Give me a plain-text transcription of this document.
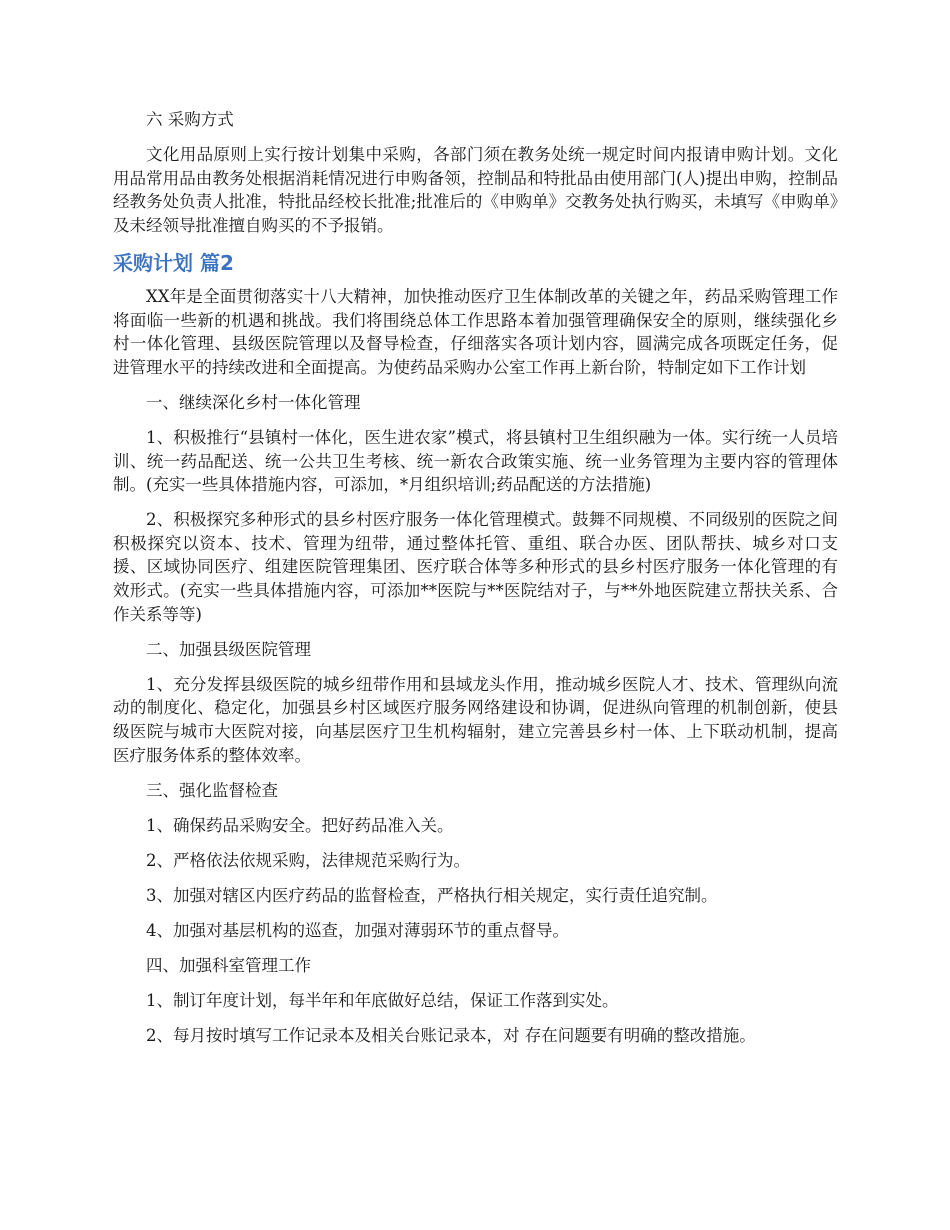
六 采购方式

文化用品原则上实行按计划集中采购，各部门须在教务处统一规定时间内报请申购计划。文化用品常用品由教务处根据消耗情况进行申购备领，控制品和特批品由使用部门(人)提出申购，控制品经教务处负责人批准，特批品经校长批准;批准后的《申购单》交教务处执行购买，未填写《申购单》及未经领导批准擅自购买的不予报销。

采购计划 篇2

XX年是全面贯彻落实十八大精神，加快推动医疗卫生体制改革的关键之年，药品采购管理工作将面临一些新的机遇和挑战。我们将围绕总体工作思路本着加强管理确保安全的原则，继续强化乡村一体化管理、县级医院管理以及督导检查，仔细落实各项计划内容，圆满完成各项既定任务，促进管理水平的持续改进和全面提高。为使药品采购办公室工作再上新台阶，特制定如下工作计划

一、继续深化乡村一体化管理

1、积极推行“县镇村一体化，医生进农家”模式，将县镇村卫生组织融为一体。实行统一人员培训、统一药品配送、统一公共卫生考核、统一新农合政策实施、统一业务管理为主要内容的管理体制。(充实一些具体措施内容，可添加，*月组织培训;药品配送的方法措施)

2、积极探究多种形式的县乡村医疗服务一体化管理模式。鼓舞不同规模、不同级别的医院之间积极探究以资本、技术、管理为纽带，通过整体托管、重组、联合办医、团队帮扶、城乡对口支援、区域协同医疗、组建医院管理集团、医疗联合体等多种形式的县乡村医疗服务一体化管理的有效形式。(充实一些具体措施内容，可添加**医院与**医院结对子，与**外地医院建立帮扶关系、合作关系等等)

二、加强县级医院管理

1、充分发挥县级医院的城乡纽带作用和县域龙头作用，推动城乡医院人才、技术、管理纵向流动的制度化、稳定化，加强县乡村区域医疗服务网络建设和协调，促进纵向管理的机制创新，使县级医院与城市大医院对接，向基层医疗卫生机构辐射，建立完善县乡村一体、上下联动机制，提高医疗服务体系的整体效率。

三、强化监督检查

1、确保药品采购安全。把好药品准入关。

2、严格依法依规采购，法律规范采购行为。

3、加强对辖区内医疗药品的监督检查，严格执行相关规定，实行责任追究制。

4、加强对基层机构的巡查，加强对薄弱环节的重点督导。

四、加强科室管理工作

1、制订年度计划，每半年和年底做好总结，保证工作落到实处。

2、每月按时填写工作记录本及相关台账记录本，对 存在问题要有明确的整改措施。
